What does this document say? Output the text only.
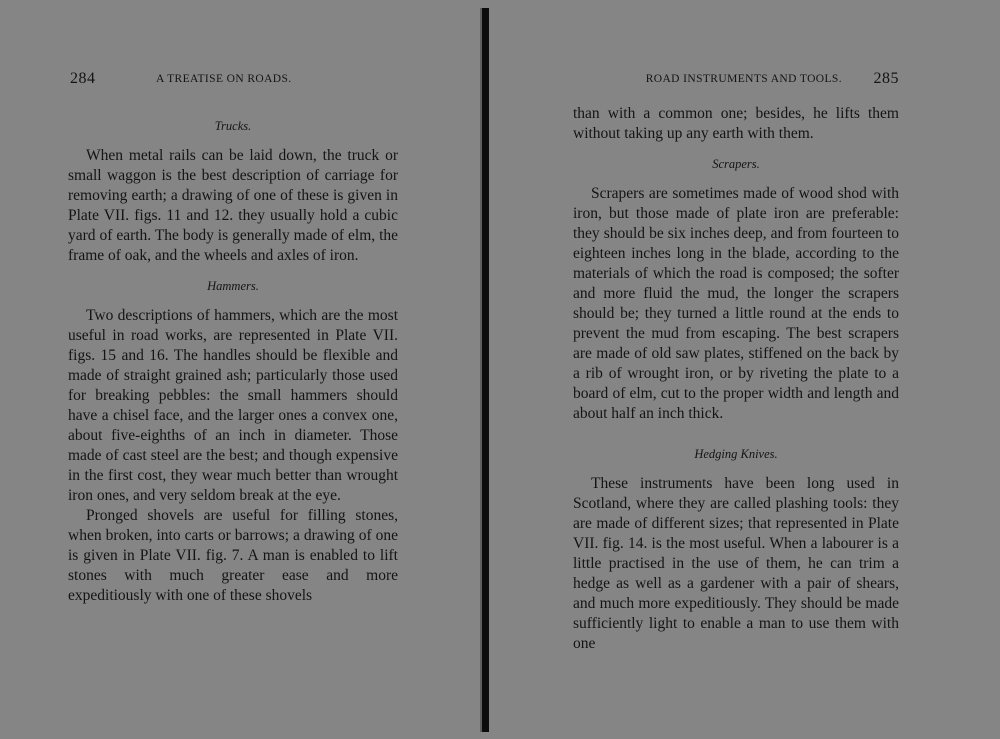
284	A TREATISE ON ROADS.
Trucks.

When metal rails can be laid down, the truck or small waggon is the best description of carriage for removing earth; a drawing of one of these is given in Plate VII. figs. 11 and 12. they usually hold a cubic yard of earth. The body is generally made of elm, the frame of oak, and the wheels and axles of iron.

Hammers.

Two descriptions of hammers, which are the most useful in road works, are represented in Plate VII. figs. 15 and 16. The handles should be flexible and made of straight grained ash; particularly those used for breaking pebbles: the small hammers should have a chisel face, and the larger ones a convex one, about five-eighths of an inch in diameter. Those made of cast steel are the best; and though expensive in the first cost, they wear much better than wrought iron ones, and very seldom break at the eye.

Pronged shovels are useful for filling stones, when broken, into carts or barrows; a drawing of one is given in Plate VII. fig. 7. A man is enabled to lift stones with much greater ease and more expeditiously with one of these shovels

ROAD INSTRUMENTS AND TOOLS. 285

than with a common one; besides, he lifts them without taking up any earth with them.

Scrapers.

Scrapers are sometimes made of wood shod with iron, but those made of plate iron are preferable: they should be six inches deep, and from fourteen to eighteen inches long in the blade, according to the materials of which the road is composed; the softer and more fluid the mud, the longer the scrapers should be; they turned a little round at the ends to prevent the mud from escaping. The best scrapers are made of old saw plates, stiffened on the back by a rib of wrought iron, or by riveting the plate to a board of elm, cut to the proper width and length and about half an inch thick.

Hedging Knives.

These instruments have been long used in Scotland, where they are called plashing tools: they are made of different sizes; that represented in Plate VII. fig. 14. is the most useful. When a labourer is a little practised in the use of them, he can trim a hedge as well as a gardener with a pair of shears, and much more expeditiously. They should be made sufficiently light to enable a man to use them with one
